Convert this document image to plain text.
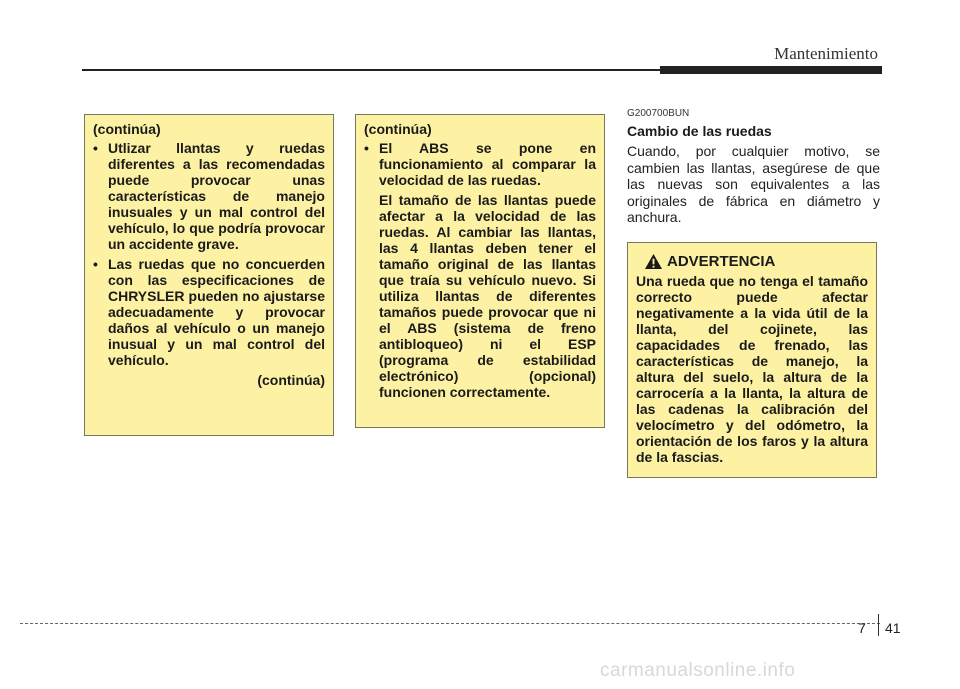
Mantenimiento
(continúa)
• Utlizar llantas y ruedas diferentes a las recomendadas puede provocar unas características de manejo inusuales y un mal control del vehículo, lo que podría provocar un accidente grave.
• Las ruedas que no concuerden con las especificaciones de CHRYSLER pueden no ajustarse adecuadamente y provocar daños al vehículo o un manejo inusual y un mal control del vehículo.
(continúa)
(continúa)
• El ABS se pone en funcionamiento al comparar la velocidad de las ruedas.
El tamaño de las llantas puede afectar a la velocidad de las ruedas. Al cambiar las llantas, las 4 llantas deben tener el tamaño original de las llantas que traía su vehículo nuevo. Si utiliza llantas de diferentes tamaños puede provocar que ni el ABS (sistema de freno antibloqueo) ni el ESP (programa de estabilidad electrónico) (opcional) funcionen correctamente.
G200700BUN
Cambio de las ruedas

Cuando, por cualquier motivo, se cambien las llantas, asegúrese de que las nuevas son equivalentes a las originales de fábrica en diámetro y anchura.

ADVERTENCIA

Una rueda que no tenga el tamaño correcto puede afectar negativamente a la vida útil de la llanta, del cojinete, las capacidades de frenado, las características de manejo, la altura del suelo, la altura de la carrocería a la llanta, la altura de las cadenas la calibración del velocímetro y del odómetro, la orientación de los faros y la altura de la fascias.

7 41
carmanualsonline.info
